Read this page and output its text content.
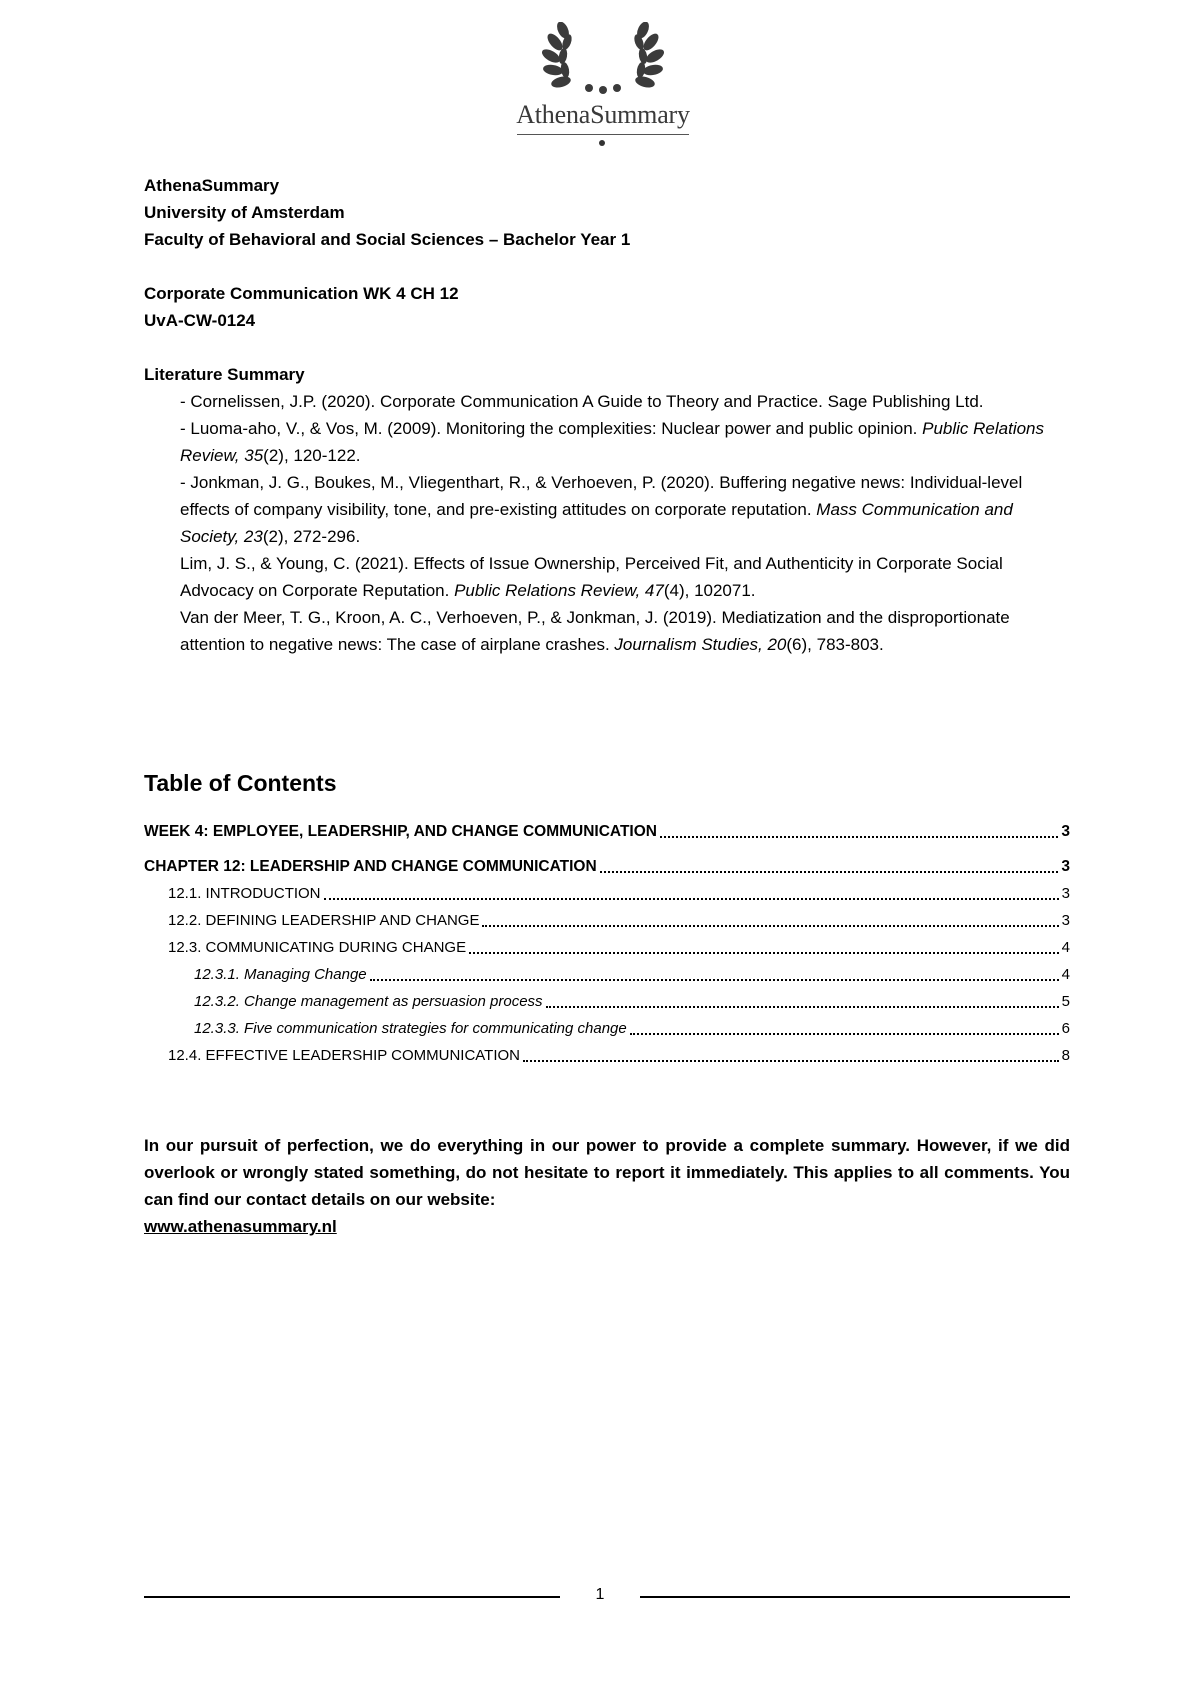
AthenaSummary
AthenaSummary
University of Amsterdam
Faculty of Behavioral and Social Sciences – Bachelor Year 1
Corporate Communication WK 4 CH 12
UvA-CW-0124
Literature Summary

- Cornelissen, J.P. (2020). Corporate Communication A Guide to Theory and Practice. Sage Publishing Ltd.

- Luoma-aho, V., & Vos, M. (2009). Monitoring the complexities: Nuclear power and public opinion. Public Relations Review, 35(2), 120-122.

- Jonkman, J. G., Boukes, M., Vliegenthart, R., & Verhoeven, P. (2020). Buffering negative news: Individual-level effects of company visibility, tone, and pre-existing attitudes on corporate reputation. Mass Communication and Society, 23(2), 272-296.

Lim, J. S., & Young, C. (2021). Effects of Issue Ownership, Perceived Fit, and Authenticity in Corporate Social Advocacy on Corporate Reputation. Public Relations Review, 47(4), 102071.

Van der Meer, T. G., Kroon, A. C., Verhoeven, P., & Jonkman, J. (2019). Mediatization and the disproportionate attention to negative news: The case of airplane crashes. Journalism Studies, 20(6), 783-803.

Table of Contents
WEEK 4: EMPLOYEE, LEADERSHIP, AND CHANGE COMMUNICATION	3
CHAPTER 12: LEADERSHIP AND CHANGE COMMUNICATION	3
12.1. INTRODUCTION	3
12.2. DEFINING LEADERSHIP AND CHANGE	3
12.3. COMMUNICATING DURING CHANGE	4
12.3.1. Managing Change	4
12.3.2. Change management as persuasion process	5
12.3.3. Five communication strategies for communicating change	6
12.4. EFFECTIVE LEADERSHIP COMMUNICATION	8
In our pursuit of perfection, we do everything in our power to provide a complete summary. However, if we did overlook or wrongly stated something, do not hesitate to report it immediately. This applies to all comments. You can find our contact details on our website:
www.athenasummary.nl
1
